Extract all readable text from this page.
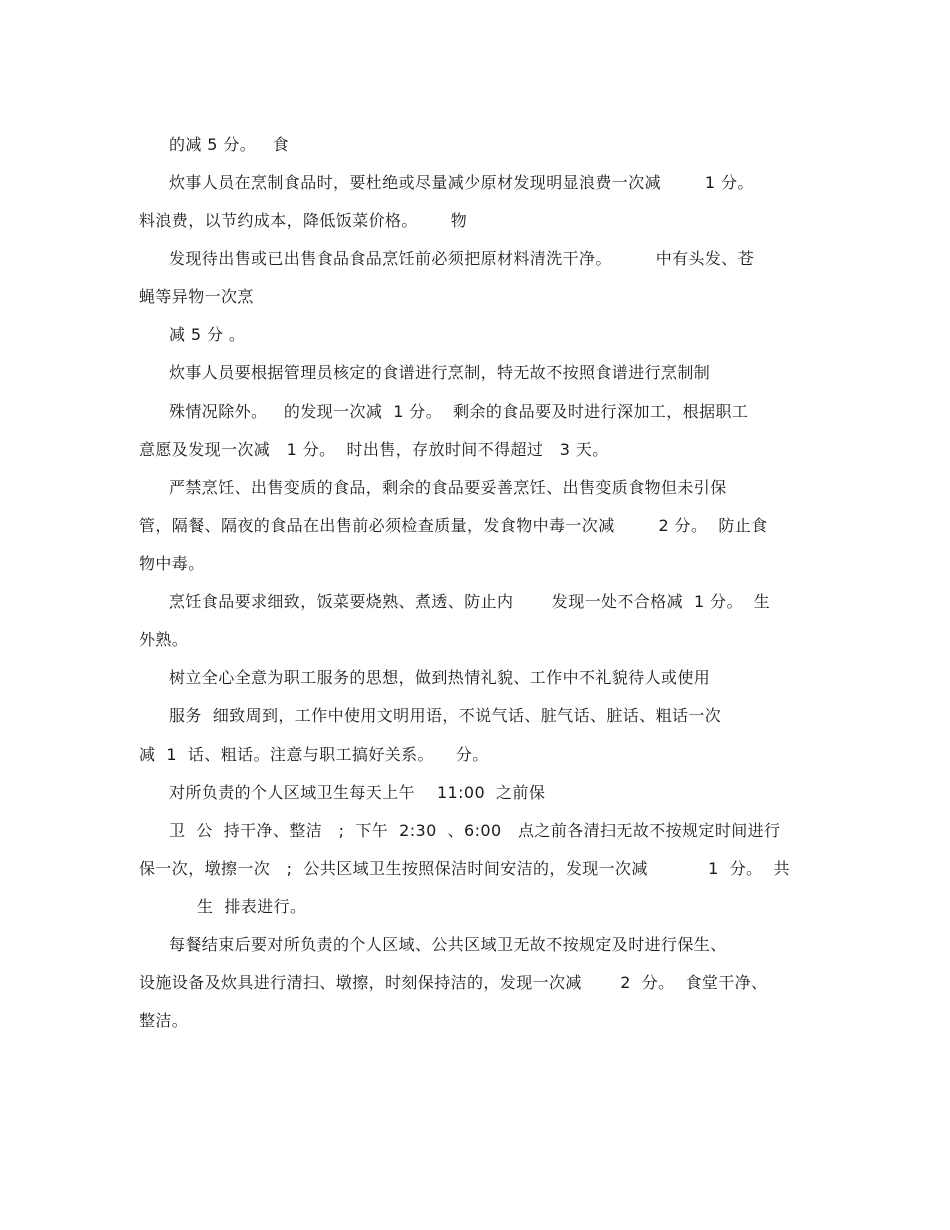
的减 5 分。   食
炊事人员在烹制食品时，要杜绝或尽量减少原材发现明显浪费一次减        1 分。
料浪费，以节约成本，降低饭菜价格。      物
发现待出售或已出售食品食品烹饪前必须把原材料清洗干净。        中有头发、苍
蝇等异物一次烹
减 5 分 。
炊事人员要根据管理员核定的食谱进行烹制，特无故不按照食谱进行烹制制
殊情况除外。   的发现一次减  1 分。  剩余的食品要及时进行深加工，根据职工
意愿及发现一次减   1 分。  时出售，存放时间不得超过   3 天。
严禁烹饪、出售变质的食品，剩余的食品要妥善烹饪、出售变质食物但未引保
管，隔餐、隔夜的食品在出售前必须检查质量，发食物中毒一次减        2 分。  防止食
物中毒。
烹饪食品要求细致，饭菜要烧熟、煮透、防止内       发现一处不合格减  1 分。  生
外熟。
树立全心全意为职工服务的思想，做到热情礼貌、工作中不礼貌待人或使用
服务  细致周到，工作中使用文明用语，不说气话、脏气话、脏话、粗话一次
减  1  话、粗话。注意与职工搞好关系。    分。
对所负责的个人区域卫生每天上午    11:00  之前保
卫  公  持干净、整洁   ;  下午  2:30  、6:00   点之前各清扫无故不按规定时间进行
保一次，墩擦一次   ;  公共区域卫生按照保洁时间安洁的，发现一次减           1  分。  共
生  排表进行。
每餐结束后要对所负责的个人区域、公共区域卫无故不按规定及时进行保生、
设施设备及炊具进行清扫、墩擦，时刻保持洁的，发现一次减       2  分。  食堂干净、
整洁。
